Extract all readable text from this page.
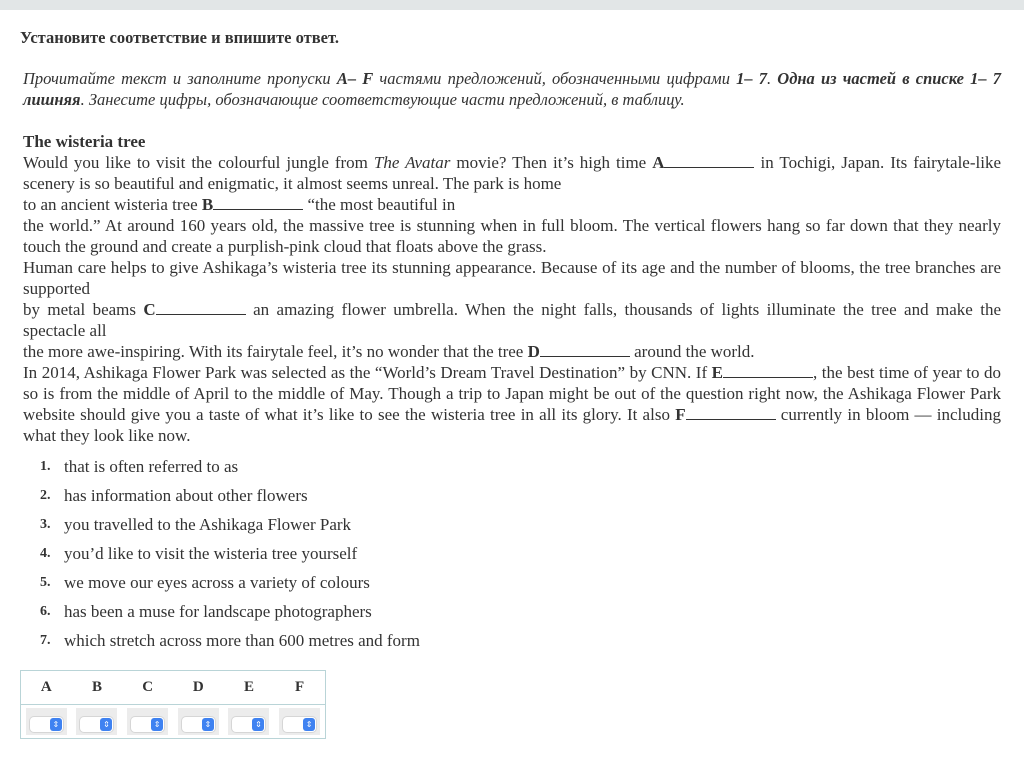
Установите соответствие и впишите ответ.
Прочитайте текст и заполните пропуски A– F частями предложений, обозначенными цифрами 1– 7. Одна из частей в списке 1– 7 лишняя. Занесите цифры, обозначающие соответствующие части предложений, в таблицу.

The wisteria tree

Would you like to visit the colourful jungle from The Avatar movie? Then it’s high time A	in Tochigi, Japan. Its fairytale-like scenery is so beautiful and enigmatic, it almost seems unreal. The park is home

to an ancient wisteria tree B	“the most beautiful in

the world.” At around 160 years old, the massive tree is stunning when in full bloom. The vertical flowers hang so far down that they nearly touch the ground and create a purplish-pink cloud that floats above the grass.

Human care helps to give Ashikaga’s wisteria tree its stunning appearance. Because of its age and the number of blooms, the tree branches are supported

by metal beams C	an amazing flower umbrella. When the night falls, thousands of lights illuminate the tree and make the spectacle all

the more awe-inspiring. With its fairytale feel, it’s no wonder that the tree D	around the world.

In 2014, Ashikaga Flower Park was selected as the “World’s Dream Travel Destination” by CNN. If E	, the best time of year to do so is from the middle of April to the middle of May. Though a trip to Japan might be out of the question right now, the Ashikaga Flower Park website should give you a taste of what it’s like to see the wisteria tree in all its glory. It also F	currently in bloom — including what they look like now.

1. that is often referred to as
2. has information about other flowers
3. you travelled to the Ashikaga Flower Park
4. you’d like to visit the wisteria tree yourself
5. we move our eyes across a variety of colours
6. has been a muse for landscape photographers
7. which stretch across more than 600 metres and form
A	B	C	D	E	F

⇕	⇕	⇕	⇕	⇕	⇕
